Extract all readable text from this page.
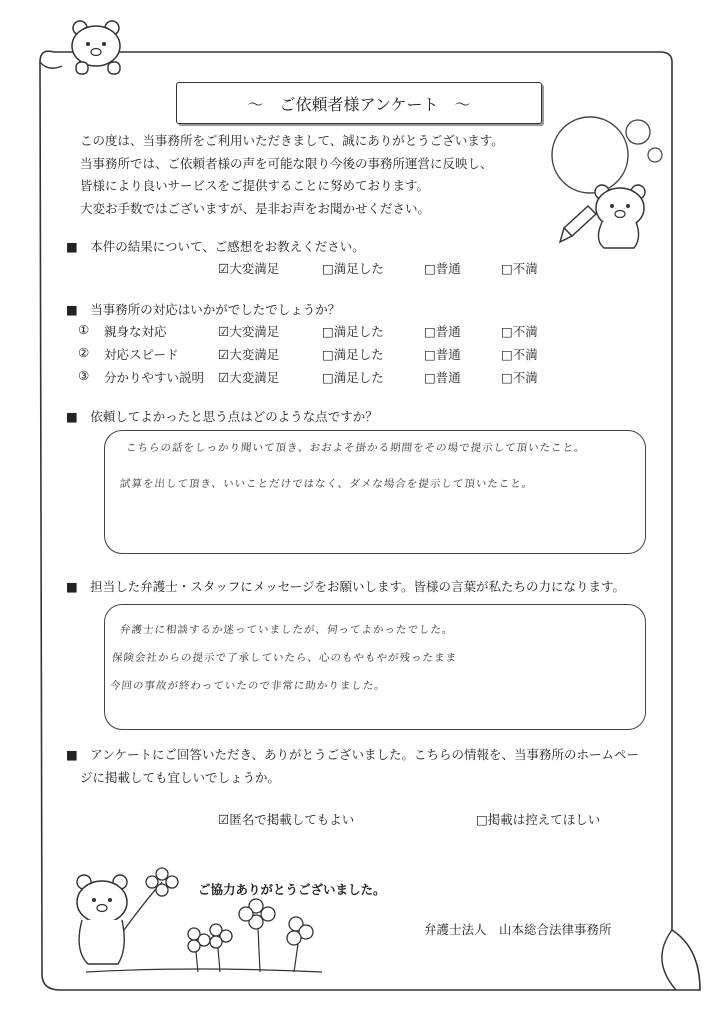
～　ご依頼者様アンケート　～
この度は、当事務所をご利用いただきまして、誠にありがとうございます。
当事務所では、ご依頼者様の声を可能な限り今後の事務所運営に反映し、
皆様により良いサービスをご提供することに努めております。
大変お手数ではございますが、是非お声をお聞かせください。
■　本件の結果について、ご感想をお教えください。
☑大変満足	□満足した	□普通	□不満
■　当事務所の対応はいかがでしたでしょうか？
① 親身な対応	☑大変満足	□満足した	□普通	□不満
② 対応スピード	☑大変満足	□満足した	□普通	□不満
③ 分かりやすい説明 ☑大変満足	□満足した	□普通	□不満
■　依頼してよかったと思う点はどのような点ですか？
こちらの話をしっかり聞いて頂き、おおよそ掛かる期間をその場で提示して頂いたこと。
試算を出して頂き、いいことだけではなく、ダメな場合を提示して頂いたこと。
■　担当した弁護士・スタッフにメッセージをお願いします。皆様の言葉が私たちの力になります。
弁護士に相談するか迷っていましたが、伺ってよかったでした。
保険会社からの提示で了承していたら、心のもやもやが残ったまま
今回の事故が終わっていたので非常に助かりました。
■　アンケートにご回答いただき、ありがとうございました。こちらの情報を、当事務所のホームペー
ジに掲載しても宜しいでしょうか。
☑匿名で掲載してもよい	□掲載は控えてほしい
ご協力ありがとうございました。
弁護士法人　山本総合法律事務所
